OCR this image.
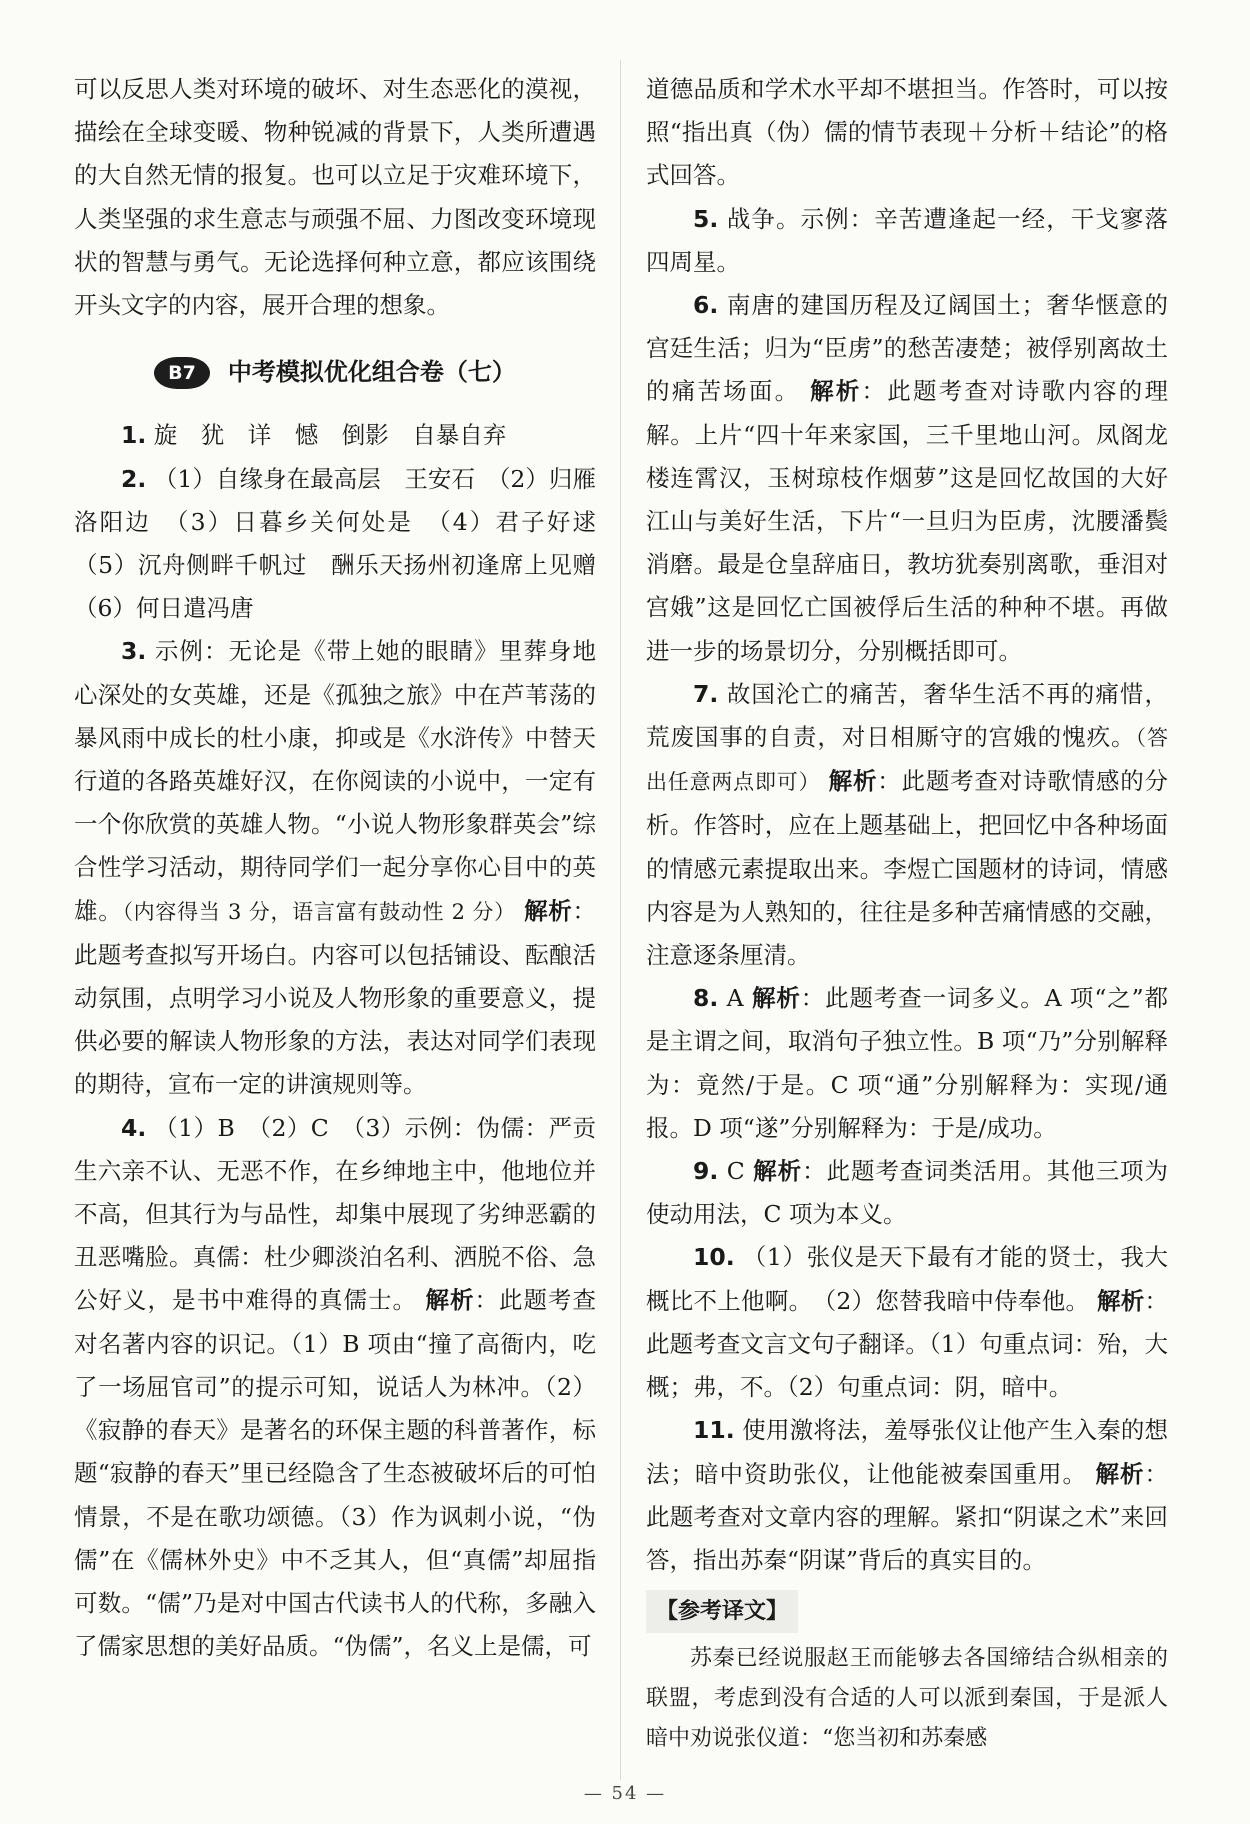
可以反思人类对环境的破坏、对生态恶化的漠视，描绘在全球变暖、物种锐减的背景下，人类所遭遇的大自然无情的报复。也可以立足于灾难环境下，人类坚强的求生意志与顽强不屈、力图改变环境现状的智慧与勇气。无论选择何种立意，都应该围绕开头文字的内容，展开合理的想象。

B7	中考模拟优化组合卷（七）

1. 旋　犹　详　憾　倒影　自暴自弃

2. （1）自缘身在最高层　王安石　（2）归雁洛阳边　（3）日暮乡关何处是　（4）君子好逑　（5）沉舟侧畔千帆过　酬乐天扬州初逢席上见赠　（6）何日遣冯唐

3. 示例：无论是《带上她的眼睛》里葬身地心深处的女英雄，还是《孤独之旅》中在芦苇荡的暴风雨中成长的杜小康，抑或是《水浒传》中替天行道的各路英雄好汉，在你阅读的小说中，一定有一个你欣赏的英雄人物。“小说人物形象群英会”综合性学习活动，期待同学们一起分享你心目中的英雄。（内容得当 3 分，语言富有鼓动性 2 分） 解析：此题考查拟写开场白。内容可以包括铺设、酝酿活动氛围，点明学习小说及人物形象的重要意义，提供必要的解读人物形象的方法，表达对同学们表现的期待，宣布一定的讲演规则等。

4. （1）B　（2）C　（3）示例：伪儒：严贡生六亲不认、无恶不作，在乡绅地主中，他地位并不高，但其行为与品性，却集中展现了劣绅恶霸的丑恶嘴脸。真儒：杜少卿淡泊名利、洒脱不俗、急公好义，是书中难得的真儒士。 解析：此题考查对名著内容的识记。（1）B 项由“撞了高衙内，吃了一场屈官司”的提示可知，说话人为林冲。（2）《寂静的春天》是著名的环保主题的科普著作，标题“寂静的春天”里已经隐含了生态被破坏后的可怕情景，不是在歌功颂德。（3）作为讽刺小说，“伪儒”在《儒林外史》中不乏其人，但“真儒”却屈指可数。“儒”乃是对中国古代读书人的代称，多融入了儒家思想的美好品质。“伪儒”，名义上是儒，可

道德品质和学术水平却不堪担当。作答时，可以按照“指出真（伪）儒的情节表现＋分析＋结论”的格式回答。

5. 战争。示例：辛苦遭逢起一经，干戈寥落四周星。

6. 南唐的建国历程及辽阔国土；奢华惬意的宫廷生活；归为“臣虏”的愁苦凄楚；被俘别离故土的痛苦场面。 解析：此题考查对诗歌内容的理解。上片“四十年来家国，三千里地山河。凤阁龙楼连霄汉，玉树琼枝作烟萝”这是回忆故国的大好江山与美好生活，下片“一旦归为臣虏，沈腰潘鬓消磨。最是仓皇辞庙日，教坊犹奏别离歌，垂泪对宫娥”这是回忆亡国被俘后生活的种种不堪。再做进一步的场景切分，分别概括即可。

7. 故国沦亡的痛苦，奢华生活不再的痛惜，荒废国事的自责，对日相厮守的宫娥的愧疚。（答出任意两点即可） 解析：此题考查对诗歌情感的分析。作答时，应在上题基础上，把回忆中各种场面的情感元素提取出来。李煜亡国题材的诗词，情感内容是为人熟知的，往往是多种苦痛情感的交融，注意逐条厘清。

8. A 解析：此题考查一词多义。A 项“之”都是主谓之间，取消句子独立性。B 项“乃”分别解释为：竟然/于是。C 项“通”分别解释为：实现/通报。D 项“遂”分别解释为：于是/成功。

9. C 解析：此题考查词类活用。其他三项为使动用法，C 项为本义。

10. （1）张仪是天下最有才能的贤士，我大概比不上他啊。　（2）您替我暗中侍奉他。 解析：此题考查文言文句子翻译。（1）句重点词：殆，大概；弗，不。（2）句重点词：阴，暗中。

11. 使用激将法，羞辱张仪让他产生入秦的想法；暗中资助张仪，让他能被秦国重用。 解析：此题考查对文章内容的理解。紧扣“阴谋之术”来回答，指出苏秦“阴谋”背后的真实目的。

【参考译文】

苏秦已经说服赵王而能够去各国缔结合纵相亲的联盟，考虑到没有合适的人可以派到秦国，于是派人暗中劝说张仪道：“您当初和苏秦感

— 54 —
